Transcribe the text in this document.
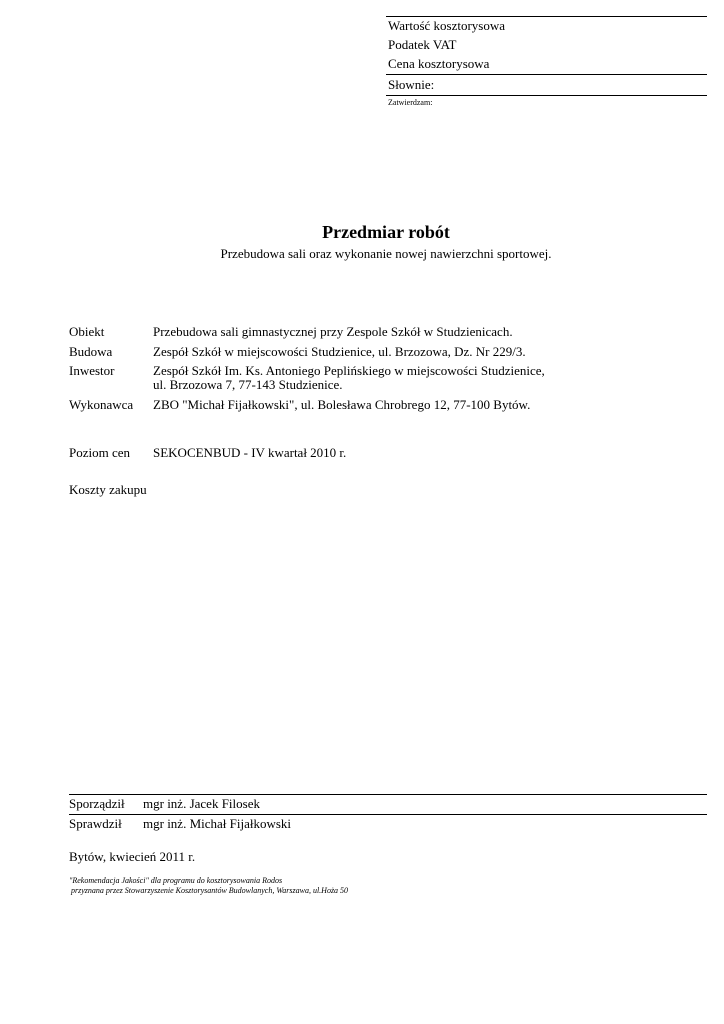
Wartość kosztorysowa
Podatek VAT
Cena kosztorysowa
Słownie:
Zatwierdzam:
Przedmiar robót
Przebudowa sali oraz wykonanie nowej nawierzchni sportowej.
Obiekt	Przebudowa sali gimnastycznej przy Zespole Szkół w Studzienicach.
Budowa	Zespół Szkół w miejscowości Studzienice, ul. Brzozowa, Dz. Nr 229/3.
Inwestor	Zespół Szkół Im. Ks. Antoniego Peplińskiego w miejscowości Studzienice,
ul. Brzozowa 7, 77-143 Studzienice.
Wykonawca ZBO "Michał Fijałkowski", ul. Bolesława Chrobrego 12, 77-100 Bytów.
Poziom cen SEKOCENBUD - IV kwartał 2010 r.
Koszty zakupu
Sporządził mgr inż. Jacek Filosek
Sprawdził mgr inż. Michał Fijałkowski
Bytów, kwiecień 2011 r.
"Rekomendacja Jakości" dla programu do kosztorysowania Rodos
przyznana przez Stowarzyszenie Kosztorysantów Budowlanych, Warszawa, ul.Hoża 50
